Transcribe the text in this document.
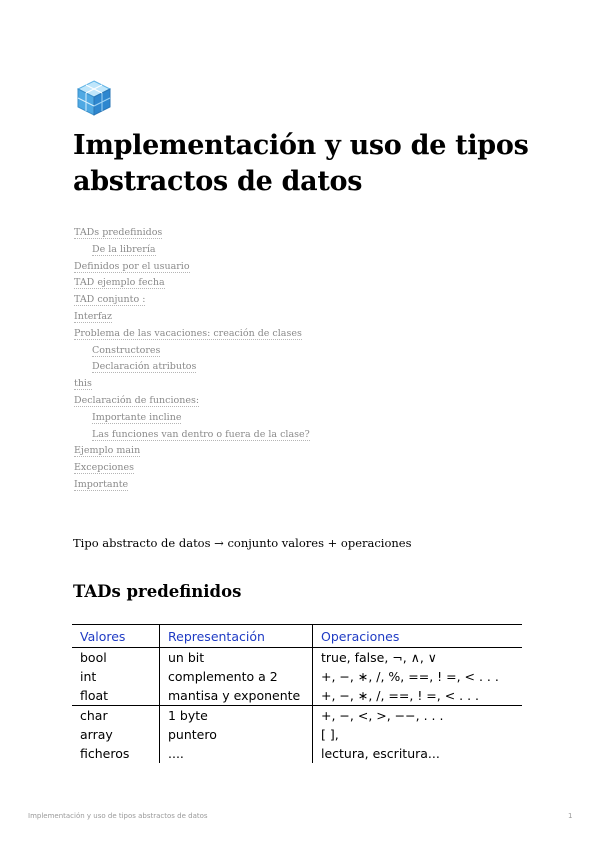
Implementación y uso de tipos abstractos de datos
TADs predefinidos
De la librería
Definidos por el usuario
TAD ejemplo fecha
TAD conjunto :
Interfaz
Problema de las vacaciones: creación de clases
Constructores
Declaración atributos
this
Declaración de funciones:
Importante incline
Las funciones van dentro o fuera de la clase?
Ejemplo main
Excepciones
Importante

Tipo abstracto de datos → conjunto valores + operaciones

TADs predefinidos
Valores	Representación	Operaciones
bool	un bit	true, false, ¬, ∧, ∨
int	complemento a 2	+, −, ∗, /, %, ==, ! =, < . . .
float	mantisa y exponente	+, −, ∗, /, ==, ! =, < . . .
char	1 byte	+, −, <, >, −−, . . .
array	puntero	[ ],
ficheros	....	lectura, escritura...
Implementación y uso de tipos abstractos de datos	1
